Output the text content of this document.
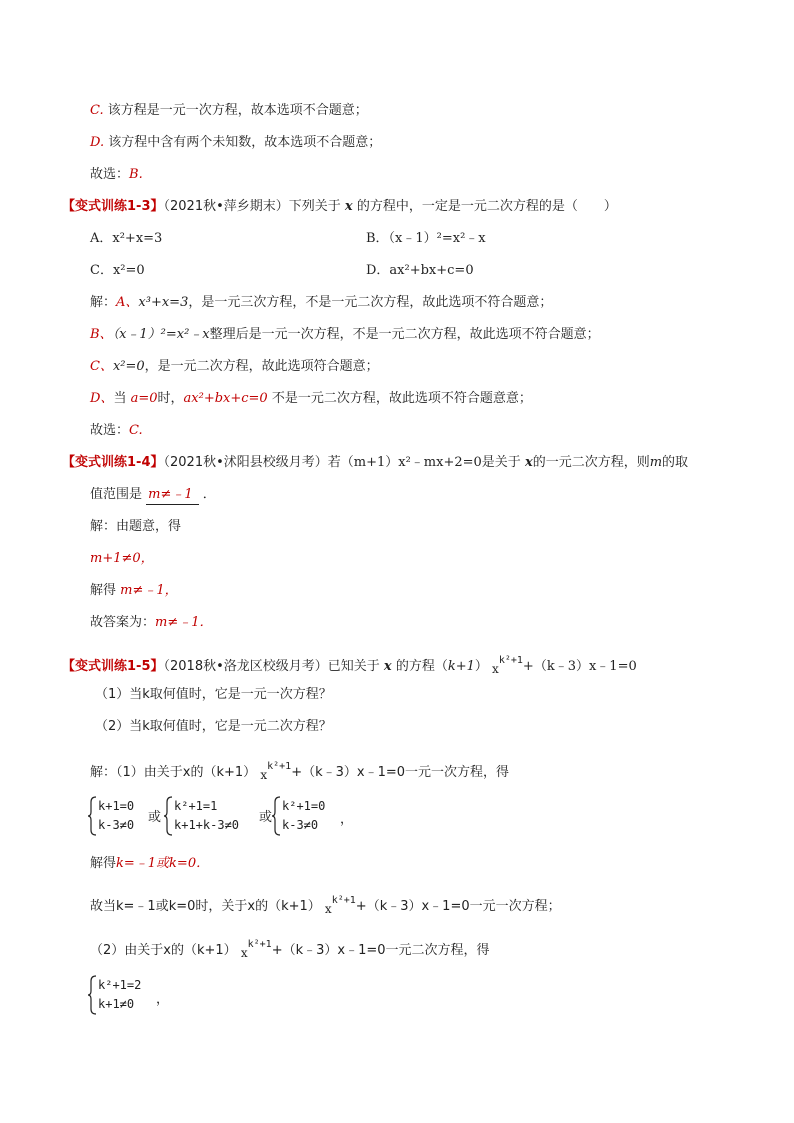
C. 该方程是一元一次方程，故本选项不合题意；
D. 该方程中含有两个未知数，故本选项不合题意；
故选：B.
【变式训练1-3】（2021秋•萍乡期末）下列关于 x 的方程中，一定是一元二次方程的是（　　）
A．x²+x=3	B．（x﹣1）²=x²﹣x
C．x²=0	D．ax²+bx+c=0
解：A、x³+x=3，是一元三次方程，不是一元二次方程，故此选项不符合题意；
B、（x﹣1）²=x²﹣x整理后是一元一次方程，不是一元二次方程，故此选项不符合题意；
C、x²=0，是一元二次方程，故此选项符合题意；
D、当 a=0时，ax²+bx+c=0 不是一元二次方程，故此选项不符合题意意；
故选：C.
【变式训练1-4】（2021秋•沭阳县校级月考）若（m+1）x²﹣mx+2=0是关于 x的一元二次方程，则m的取
值范围是 m≠﹣1 ．
解：由题意，得
m+1≠0，
解得 m≠﹣1，
故答案为：m≠﹣1．
【变式训练1-5】（2018秋•洛龙区校级月考）已知关于 x 的方程（k+1） $x^{k^2+1}+(k﹣3)x﹣1=0$
（1）当k取何值时，它是一元一次方程？
（2）当k取何值时，它是一元二次方程？
解：（1）由关于x的（k+1） $x^{k^2+1}+(k﹣3)x﹣1=0$一元一次方程，得
k+1=0
k-3≠0 或
k²+1=1
k+1+k-3≠0 或
k²+1=0
k-3≠0 ，
解得k=﹣1或k=0．
故当k=﹣1或k=0时，关于x的（k+1） $x^{k^2+1}+(k﹣3)x﹣1=0$一元一次方程；
（2）由关于x的（k+1） $x^{k^2+1}+(k﹣3)x﹣1=0$一元二次方程，得
k²+1=2
k+1≠0 ，
